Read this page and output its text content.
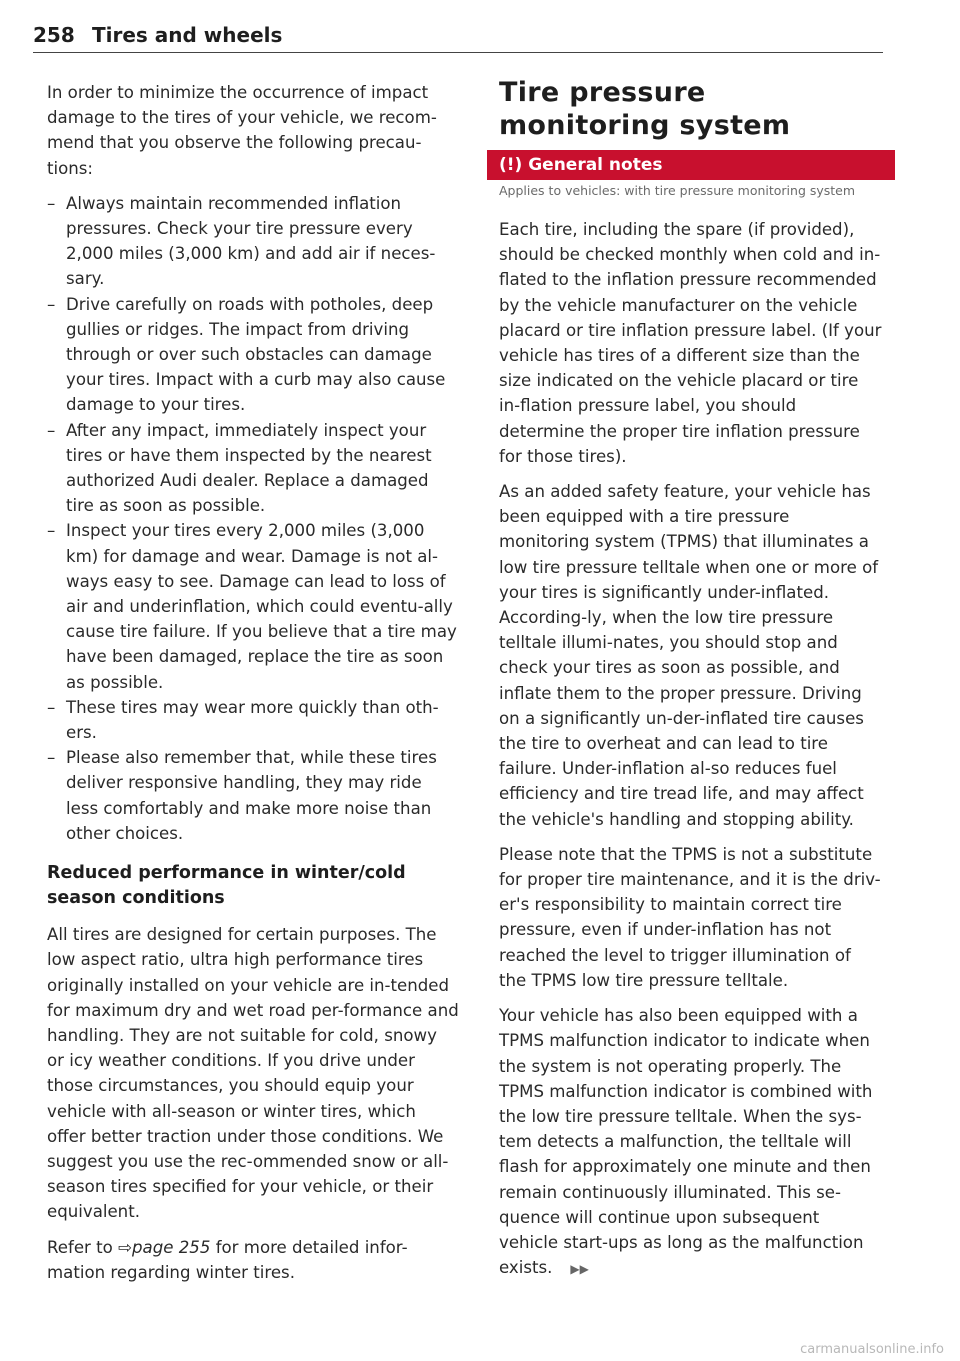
258 Tires and wheels

In order to minimize the occurrence of impact damage to the tires of your vehicle, we recom-mend that you observe the following precau-tions:

– Always maintain recommended inflation pressures. Check your tire pressure every 2,000 miles (3,000 km) and add air if neces-sary.
– Drive carefully on roads with potholes, deep gullies or ridges. The impact from driving through or over such obstacles can damage your tires. Impact with a curb may also cause damage to your tires.
– After any impact, immediately inspect your tires or have them inspected by the nearest authorized Audi dealer. Replace a damaged tire as soon as possible.
– Inspect your tires every 2,000 miles (3,000 km) for damage and wear. Damage is not al-ways easy to see. Damage can lead to loss of air and underinflation, which could eventu-ally cause tire failure. If you believe that a tire may have been damaged, replace the tire as soon as possible.
– These tires may wear more quickly than oth-ers.
– Please also remember that, while these tires deliver responsive handling, they may ride less comfortably and make more noise than other choices.
Reduced performance in winter/cold season conditions

All tires are designed for certain purposes. The low aspect ratio, ultra high performance tires originally installed on your vehicle are in-tended for maximum dry and wet road per-formance and handling. They are not suitable for cold, snowy or icy weather conditions. If you drive under those circumstances, you should equip your vehicle with all-season or winter tires, which offer better traction under those conditions. We suggest you use the rec-ommended snow or all-season tires specified for your vehicle, or their equivalent.

Refer to ⇨page 255 for more detailed infor-mation regarding winter tires.

Tire pressure monitoring system
(!) General notes
Applies to vehicles: with tire pressure monitoring system

Each tire, including the spare (if provided), should be checked monthly when cold and in-flated to the inflation pressure recommended by the vehicle manufacturer on the vehicle placard or tire inflation pressure label. (If your vehicle has tires of a different size than the size indicated on the vehicle placard or tire in-flation pressure label, you should determine the proper tire inflation pressure for those tires).

As an added safety feature, your vehicle has been equipped with a tire pressure monitoring system (TPMS) that illuminates a low tire pressure telltale when one or more of your tires is significantly under-inflated. According-ly, when the low tire pressure telltale illumi-nates, you should stop and check your tires as soon as possible, and inflate them to the proper pressure. Driving on a significantly un-der-inflated tire causes the tire to overheat and can lead to tire failure. Under-inflation al-so reduces fuel efficiency and tire tread life, and may affect the vehicle's handling and stopping ability.

Please note that the TPMS is not a substitute for proper tire maintenance, and it is the driv-er's responsibility to maintain correct tire pressure, even if under-inflation has not reached the level to trigger illumination of the TPMS low tire pressure telltale.

Your vehicle has also been equipped with a TPMS malfunction indicator to indicate when the system is not operating properly. The TPMS malfunction indicator is combined with the low tire pressure telltale. When the sys-tem detects a malfunction, the telltale will flash for approximately one minute and then remain continuously illuminated. This se-quence will continue upon subsequent vehicle start-ups as long as the malfunction exists. ▶▶

carmanualsonline.info
